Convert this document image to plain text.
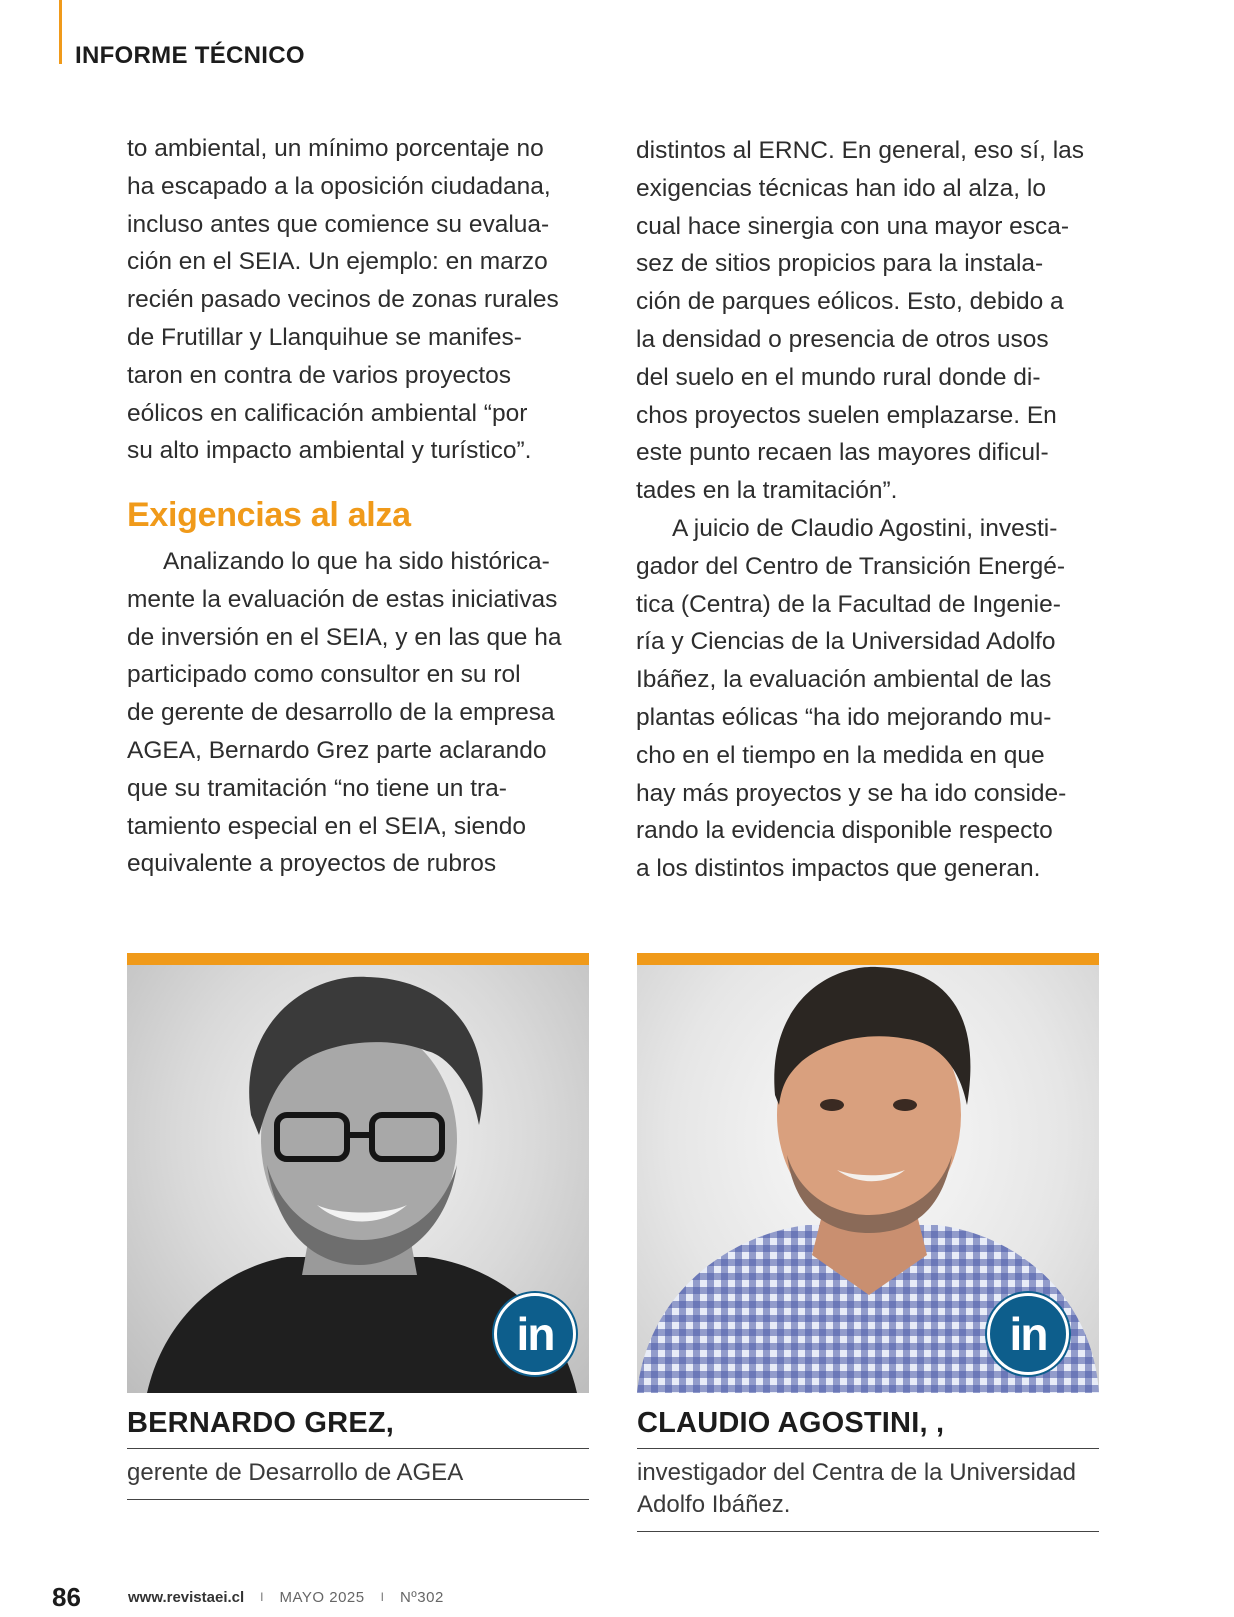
INFORME TÉCNICO
to ambiental, un mínimo porcentaje no
ha escapado a la oposición ciudadana,
incluso antes que comience su evalua-
ción en el SEIA. Un ejemplo: en marzo
recién pasado vecinos de zonas rurales
de Frutillar y Llanquihue se manifes-
taron en contra de varios proyectos
eólicos en calificación ambiental “por
su alto impacto ambiental y turístico”.
Exigencias al alza
Analizando lo que ha sido histórica-
mente la evaluación de estas iniciativas
de inversión en el SEIA, y en las que ha
participado como consultor en su rol
de gerente de desarrollo de la empresa
AGEA, Bernardo Grez parte aclarando
que su tramitación “no tiene un tra-
tamiento especial en el SEIA, siendo
equivalente a proyectos de rubros
distintos al ERNC. En general, eso sí, las
exigencias técnicas han ido al alza, lo
cual hace sinergia con una mayor esca-
sez de sitios propicios para la instala-
ción de parques eólicos. Esto, debido a
la densidad o presencia de otros usos
del suelo en el mundo rural donde di-
chos proyectos suelen emplazarse. En
este punto recaen las mayores dificul-
tades en la tramitación”.
A juicio de Claudio Agostini, investi-
gador del Centro de Transición Energé-
tica (Centra) de la Facultad de Ingenie-
ría y Ciencias de la Universidad Adolfo
Ibáñez, la evaluación ambiental de las
plantas eólicas “ha ido mejorando mu-
cho en el tiempo en la medida en que
hay más proyectos y se ha ido conside-
rando la evidencia disponible respecto
a los distintos impactos que generan.
in
BERNARDO GREZ,
gerente de Desarrollo de AGEA
in
CLAUDIO AGOSTINI, ,
investigador del Centra de la Universidad
Adolfo Ibáñez.
86	www.revistaei.cl I MAYO 2025 I Nº302
